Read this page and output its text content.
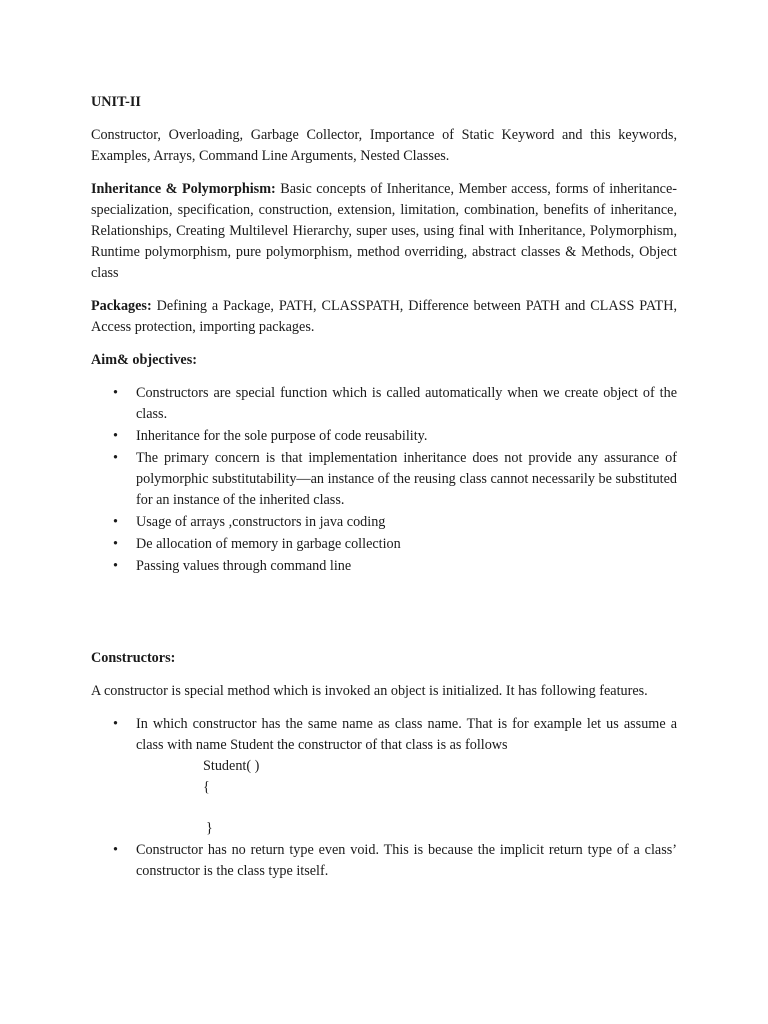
UNIT-II

Constructor, Overloading, Garbage Collector, Importance of Static Keyword and this keywords, Examples, Arrays, Command Line Arguments, Nested Classes.

Inheritance & Polymorphism: Basic concepts of Inheritance, Member access, forms of inheritance- specialization, specification, construction, extension, limitation, combination, benefits of inheritance, Relationships, Creating Multilevel Hierarchy, super uses, using final with Inheritance, Polymorphism, Runtime polymorphism, pure polymorphism, method overriding, abstract classes & Methods, Object class

Packages: Defining a Package, PATH, CLASSPATH, Difference between PATH and CLASS PATH, Access protection, importing packages.

Aim& objectives:
• Constructors are special function which is called automatically when we create object of the class.
• Inheritance for the sole purpose of code reusability.
• The primary concern is that implementation inheritance does not provide any assurance of polymorphic substitutability—an instance of the reusing class cannot necessarily be substituted for an instance of the inherited class.
• Usage of arrays ,constructors in java coding
• De allocation of memory in garbage collection
• Passing values through command line
Constructors:

A constructor is special method which is invoked an object is initialized. It has following features.

• In which constructor has the same name as class name. That is for example let us assume a class with name Student the constructor of that class is as follows
Student( )
{
}
• Constructor has no return type even void. This is because the implicit return type of a class’ constructor is the class type itself.
